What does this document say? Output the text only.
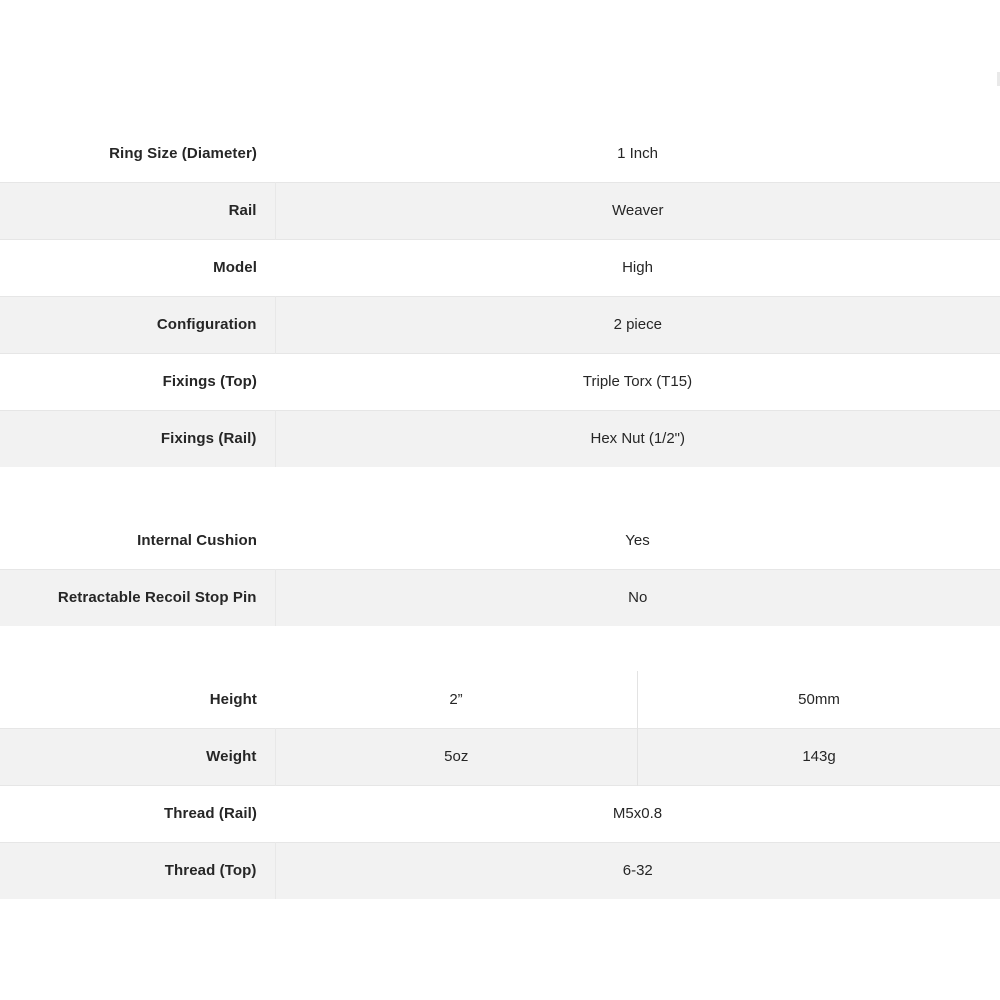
Ring Size (Diameter)	1 Inch
Rail	Weaver
Model	High
Configuration	2 piece
Fixings (Top)	Triple Torx (T15)
Fixings (Rail)	Hex Nut (1/2")
Internal Cushion	Yes
Retractable Recoil Stop Pin	No
Height	2”	50mm
Weight	5oz	143g
Thread (Rail)	M5x0.8	
Thread (Top)	6-32	
